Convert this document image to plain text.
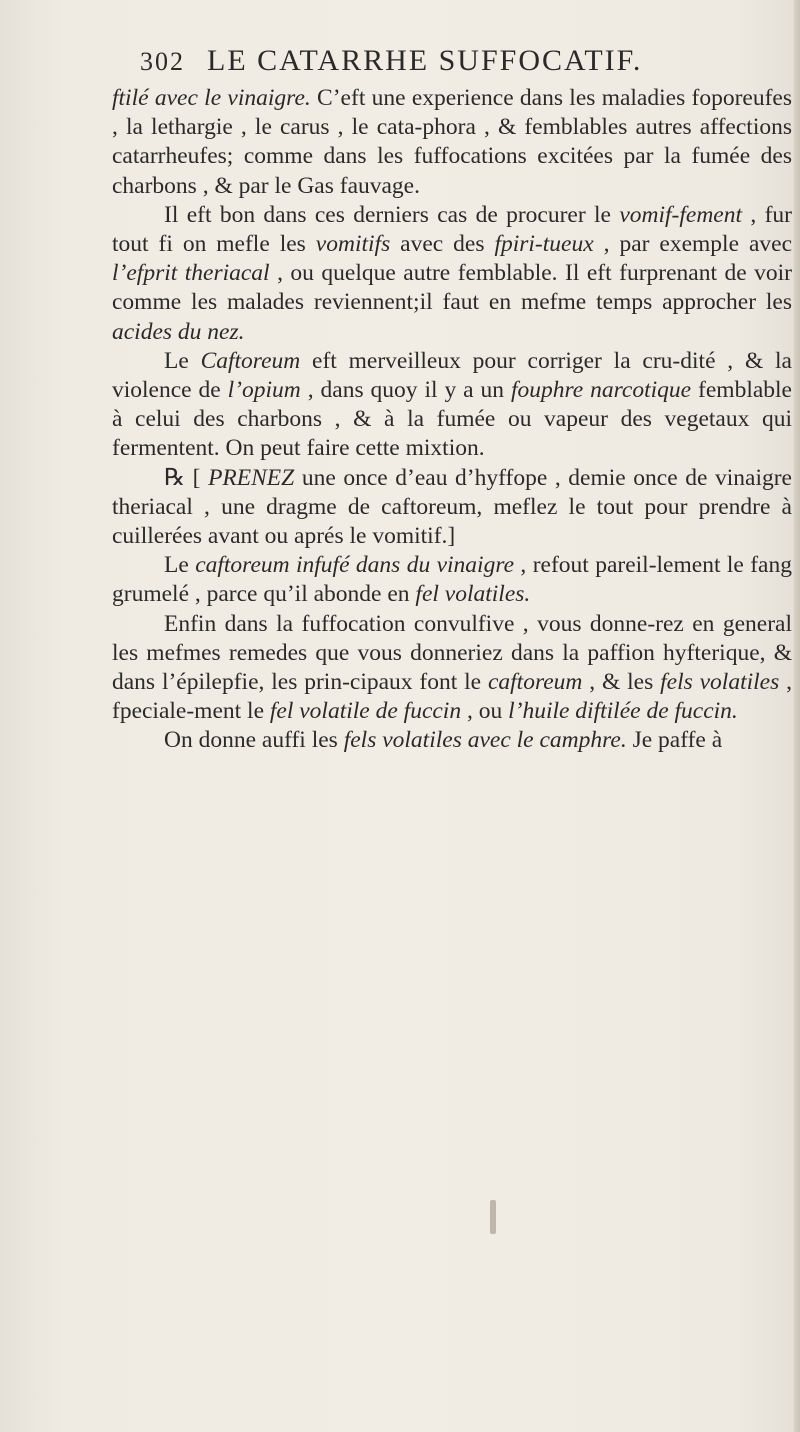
302 LE CATARRHE SUFFOCATIF.

ftilé avec le vinaigre. C’eft une experience dans les maladies foporeufes , la lethargie , le carus , le cata-phora , & femblables autres affections catarrheufes; comme dans les fuffocations excitées par la fumée des charbons , & par le Gas fauvage.

Il eft bon dans ces derniers cas de procurer le vomif-fement , fur tout fi on mefle les vomitifs avec des fpiri-tueux , par exemple avec l’efprit theriacal , ou quelque autre femblable. Il eft furprenant de voir comme les malades reviennent;il faut en mefme temps approcher les acides du nez.

Le Caftoreum eft merveilleux pour corriger la cru-dité , & la violence de l’opium , dans quoy il y a un fouphre narcotique femblable à celui des charbons , & à la fumée ou vapeur des vegetaux qui fermentent. On peut faire cette mixtion.

℞ [ PRENEZ une once d’eau d’hyffope , demie once de vinaigre theriacal , une dragme de caftoreum, meflez le tout pour prendre à cuillerées avant ou aprés le vomitif.]

Le caftoreum infufé dans du vinaigre , refout pareil-lement le fang grumelé , parce qu’il abonde en fel volatiles.

Enfin dans la fuffocation convulfive , vous donne-rez en general les mefmes remedes que vous donneriez dans la paffion hyfterique, & dans l’épilepfie, les prin-cipaux font le caftoreum , & les fels volatiles , fpeciale-ment le fel volatile de fuccin , ou l’huile diftilée de fuccin.

On donne auffi les fels volatiles avec le camphre. Je paffe à
